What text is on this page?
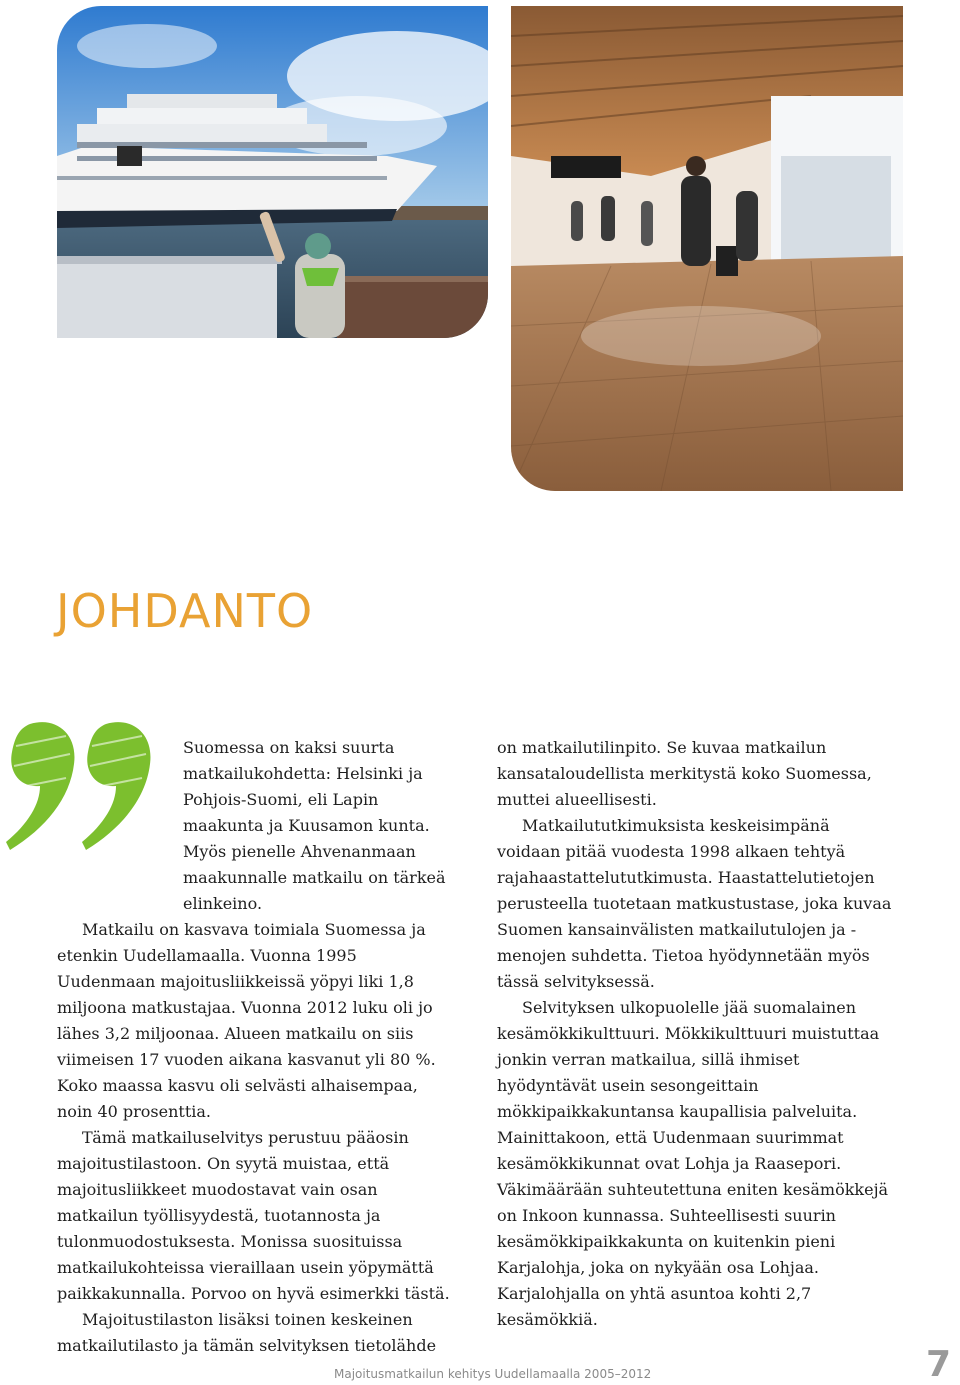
JOHDANTO

Suomessa on kaksi suurta matkailukohdetta: Helsinki ja Pohjois-Suomi, eli Lapin maakunta ja Kuusamon kunta. Myös pienelle Ahvenanmaan maakunnalle matkailu on tärkeä elinkeino.

Matkailu on kasvava toimiala Suomessa ja etenkin Uudellamaalla. Vuonna 1995 Uudenmaan majoitusliikkeissä yöpyi liki 1,8 miljoona matkustajaa. Vuonna 2012 luku oli jo lähes 3,2 miljoonaa. Alueen matkailu on siis viimeisen 17 vuoden aikana kasvanut yli 80 %. Koko maassa kasvu oli selvästi alhaisempaa, noin 40 prosenttia.

Tämä matkailuselvitys perustuu pääosin majoitustilastoon. On syytä muistaa, että majoitusliikkeet muodostavat vain osan matkailun työllisyydestä, tuotannosta ja tulonmuodostuksesta. Monissa suosituissa matkailukohteissa vieraillaan usein yöpymättä paikkakunnalla. Porvoo on hyvä esimerkki tästä.

Majoitustilaston lisäksi toinen keskeinen matkailutilasto ja tämän selvityksen tietolähde

on matkailutilinpito. Se kuvaa matkailun kansataloudellista merkitystä koko Suomessa, muttei alueellisesti.

Matkailututkimuksista keskeisimpänä voidaan pitää vuodesta 1998 alkaen tehtyä rajahaastattelututkimusta. Haastattelutietojen perusteella tuotetaan matkustustase, joka kuvaa Suomen kansainvälisten matkailutulojen ja -menojen suhdetta. Tietoa hyödynnetään myös tässä selvityksessä.

Selvityksen ulkopuolelle jää suomalainen kesämökkikulttuuri. Mökkikulttuuri muistuttaa jonkin verran matkailua, sillä ihmiset hyödyntävät usein sesongeittain mökkipaikkakuntansa kaupallisia palveluita. Mainittakoon, että Uudenmaan suurimmat kesämökkikunnat ovat Lohja ja Raasepori. Väkimäärään suhteutettuna eniten kesämökkejä on Inkoon kunnassa. Suhteellisesti suurin kesämökkipaikkakunta on kuitenkin pieni Karjalohja, joka on nykyään osa Lohjaa. Karjalohjalla on yhtä asuntoa kohti 2,7 kesämökkiä.

Majoitusmatkailun kehitys Uudellamaalla 2005–2012	7
